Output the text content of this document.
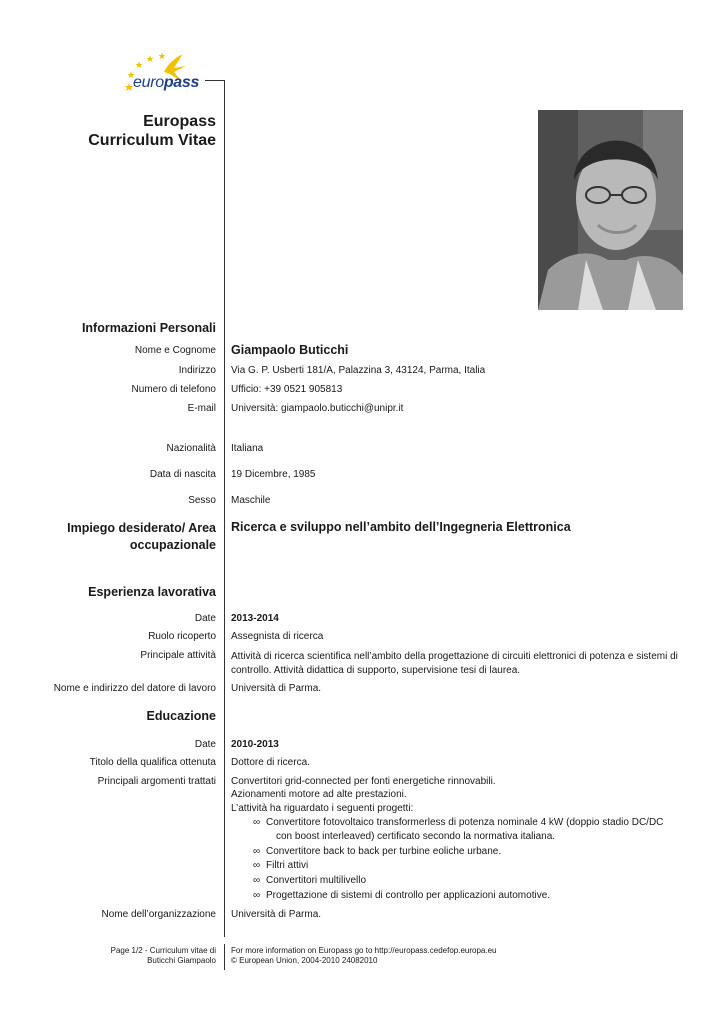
europass
Europass
Curriculum Vitae
Informazioni Personali
Nome e Cognome Giampaolo Buticchi
Indirizzo Via G. P. Usberti 181/A, Palazzina 3, 43124, Parma, Italia
Numero di telefono Ufficio: +39 0521 905813
E-mail Università: giampaolo.buticchi@unipr.it
Nazionalità Italiana
Data di nascita 19 Dicembre, 1985
Sesso Maschile
Impiego desiderato/ Area
occupazionale
Ricerca e sviluppo nell’ambito dell’Ingegneria Elettronica
Esperienza lavorativa
Date 2013-2014
Ruolo ricoperto Assegnista di ricerca
Principale attività Attività di ricerca scientifica nell’ambito della progettazione di circuiti elettronici di potenza e sistemi di controllo. Attività didattica di supporto, supervisione tesi di laurea.
Nome e indirizzo del datore di lavoro Università di Parma.
Educazione
Date 2010-2013
Titolo della qualifica ottenuta Dottore di ricerca.
Principali argomenti trattati Convertitori grid-connected per fonti energetiche rinnovabili.
Azionamenti motore ad alte prestazioni.
L’attività ha riguardato i seguenti progetti:
∞ Convertitore fotovoltaico transformerless di potenza nominale 4 kW (doppio stadio DC/DC
con boost interleaved) certificato secondo la normativa italiana.
∞ Convertitore back to back per turbine eoliche urbane.
∞ Filtri attivi
∞ Convertitori multilivello
∞ Progettazione di sistemi di controllo per applicazioni automotive.
Nome dell’organizzazione Università di Parma.
Page 1/2 - Curriculum vitae di
Buticchi Giampaolo
For more information on Europass go to http://europass.cedefop.europa.eu
© European Union, 2004-2010 24082010
